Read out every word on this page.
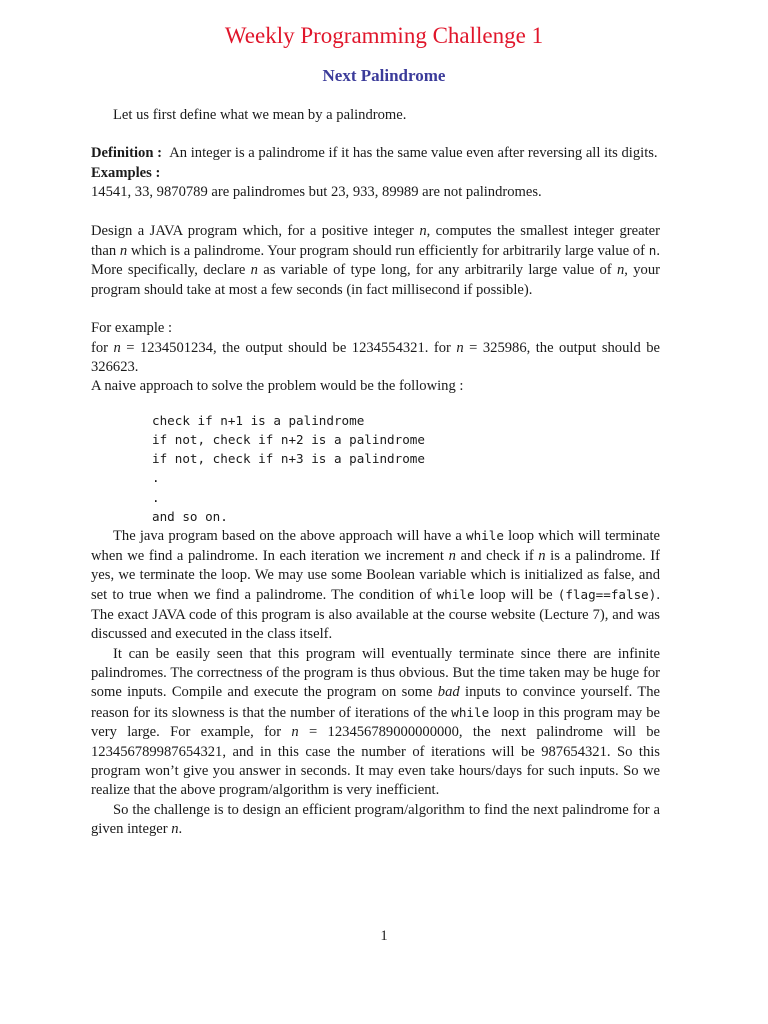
Weekly Programming Challenge 1
Next Palindrome

Let us first define what we mean by a palindrome.

Definition : An integer is a palindrome if it has the same value even after reversing all its digits.

Examples :

14541, 33, 9870789 are palindromes but 23, 933, 89989 are not palindromes.

Design a JAVA program which, for a positive integer n, computes the smallest integer greater than n which is a palindrome. Your program should run efficiently for arbitrarily large value of n. More specifically, declare n as variable of type long, for any arbitrarily large value of n, your program should take at most a few seconds (in fact millisecond if possible).

For example :

for n = 1234501234, the output should be 1234554321. for n = 325986, the output should be 326623.

A naive approach to solve the problem would be the following :

check if n+1 is a palindrome
if not, check if n+2 is a palindrome
if not, check if n+3 is a palindrome
.
.
and so on.

The java program based on the above approach will have a while loop which will terminate when we find a palindrome. In each iteration we increment n and check if n is a palindrome. If yes, we terminate the loop. We may use some Boolean variable which is initialized as false, and set to true when we find a palindrome. The condition of while loop will be (flag==false). The exact JAVA code of this program is also available at the course website (Lecture 7), and was discussed and executed in the class itself.

It can be easily seen that this program will eventually terminate since there are infinite palindromes. The correctness of the program is thus obvious. But the time taken may be huge for some inputs. Compile and execute the program on some bad inputs to convince yourself. The reason for its slowness is that the number of iterations of the while loop in this program may be very large. For example, for n = 123456789000000000, the next palindrome will be 123456789987654321, and in this case the number of iterations will be 987654321. So this program won’t give you answer in seconds. It may even take hours/days for such inputs. So we realize that the above program/algorithm is very inefficient.

So the challenge is to design an efficient program/algorithm to find the next palindrome for a given integer n.

1
